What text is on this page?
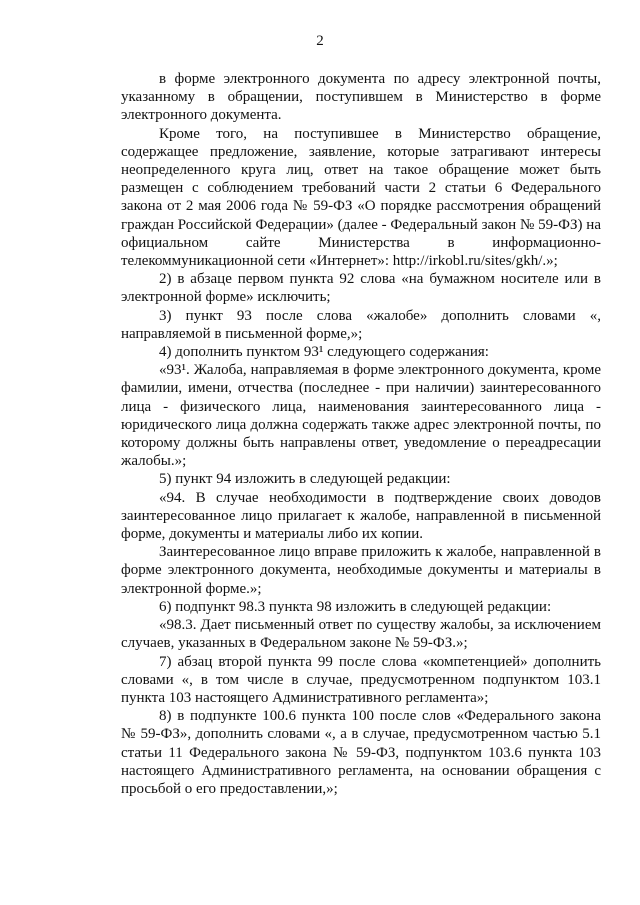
2

в форме электронного документа по адресу электронной почты, указанному в обращении, поступившем в Министерство в форме электронного документа.

Кроме того, на поступившее в Министерство обращение, содержащее предложение, заявление, которые затрагивают интересы неопределенного круга лиц, ответ на такое обращение может быть размещен с соблюдением требований части 2 статьи 6 Федерального закона от 2 мая 2006 года № 59-ФЗ «О порядке рассмотрения обращений граждан Российской Федерации» (далее - Федеральный закон № 59-ФЗ) на официальном сайте Министерства в информационно-телекоммуникационной сети «Интернет»: http://irkobl.ru/sites/gkh/.»;

2) в абзаце первом пункта 92 слова «на бумажном носителе или в электронной форме» исключить;

3) пункт 93 после слова «жалобе» дополнить словами «, направляемой в письменной форме,»;

4) дополнить пунктом 93¹ следующего содержания:

«93¹. Жалоба, направляемая в форме электронного документа, кроме фамилии, имени, отчества (последнее - при наличии) заинтересованного лица - физического лица, наименования заинтересованного лица - юридического лица должна содержать также адрес электронной почты, по которому должны быть направлены ответ, уведомление о переадресации жалобы.»;

5) пункт 94 изложить в следующей редакции:

«94. В случае необходимости в подтверждение своих доводов заинтересованное лицо прилагает к жалобе, направленной в письменной форме, документы и материалы либо их копии.

Заинтересованное лицо вправе приложить к жалобе, направленной в форме электронного документа, необходимые документы и материалы в электронной форме.»;

6) подпункт 98.3 пункта 98 изложить в следующей редакции:

«98.3. Дает письменный ответ по существу жалобы, за исключением случаев, указанных в Федеральном законе № 59-ФЗ.»;

7) абзац второй пункта 99 после слова «компетенцией» дополнить словами «, в том числе в случае, предусмотренном подпунктом 103.1 пункта 103 настоящего Административного регламента»;

8) в подпункте 100.6 пункта 100 после слов «Федерального закона № 59-ФЗ», дополнить словами «, а в случае, предусмотренном частью 5.1 статьи 11 Федерального закона № 59-ФЗ, подпунктом 103.6 пункта 103 настоящего Административного регламента, на основании обращения с просьбой о его предоставлении,»;
